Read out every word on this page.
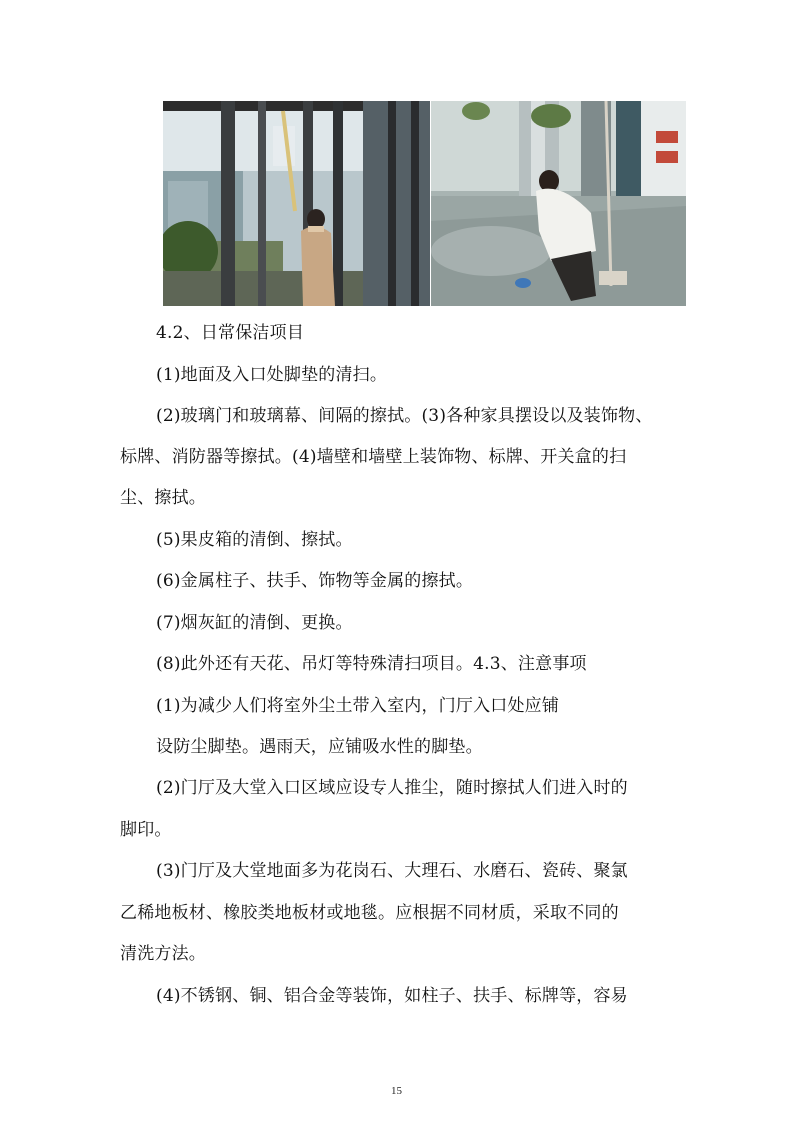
4.2、日常保洁项目
(1)地面及入口处脚垫的清扫。
(2)玻璃门和玻璃幕、间隔的擦拭。(3)各种家具摆设以及装饰物、
标牌、消防器等擦拭。(4)墙壁和墙壁上装饰物、标牌、开关盒的扫
尘、擦拭。
(5)果皮箱的清倒、擦拭。
(6)金属柱子、扶手、饰物等金属的擦拭。
(7)烟灰缸的清倒、更换。
(8)此外还有天花、吊灯等特殊清扫项目。4.3、注意事项
(1)为减少人们将室外尘土带入室内，门厅入口处应铺
设防尘脚垫。遇雨天，应铺吸水性的脚垫。
(2)门厅及大堂入口区域应设专人推尘，随时擦拭人们进入时的
脚印。
(3)门厅及大堂地面多为花岗石、大理石、水磨石、瓷砖、聚氯
乙稀地板材、橡胶类地板材或地毯。应根据不同材质，采取不同的
清洗方法。
(4)不锈钢、铜、铝合金等装饰，如柱子、扶手、标牌等，容易
15
